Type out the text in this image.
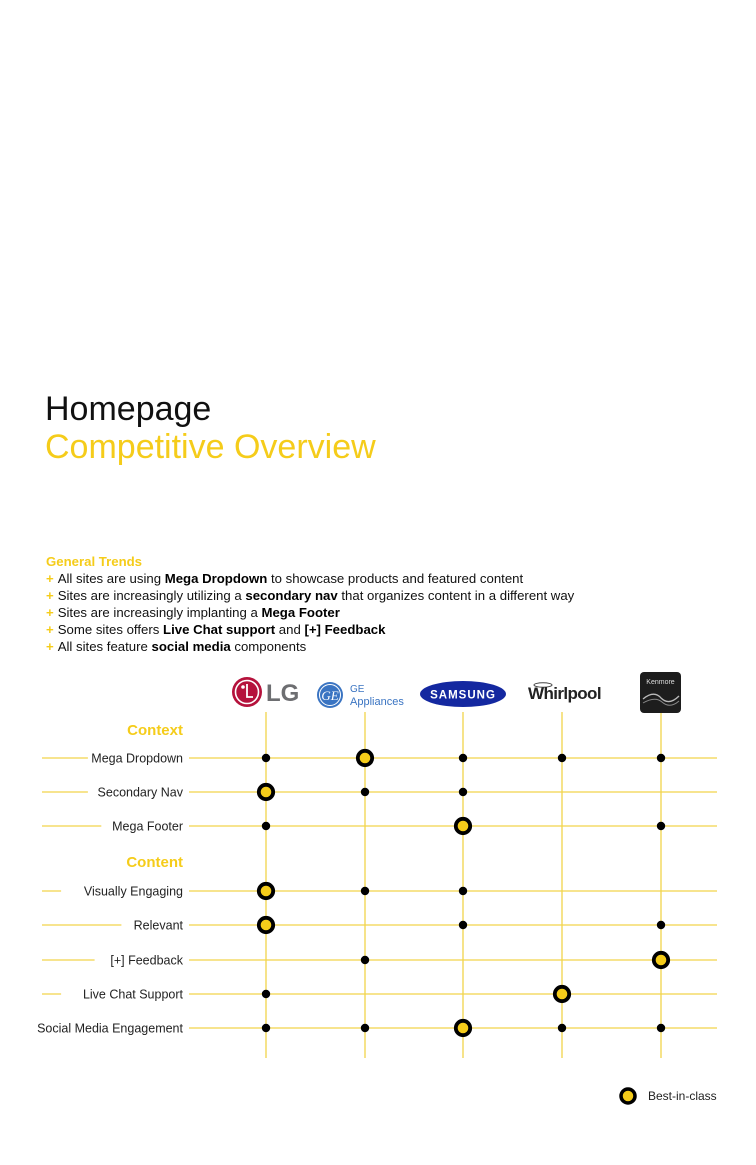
Homepage
Competitive Overview
General Trends
+ All sites are using Mega Dropdown to showcase products and featured content
+ Sites are increasingly utilizing a secondary nav that organizes content in a different way
+ Sites are increasingly implanting a Mega Footer
+ Some sites offers Live Chat support and [+] Feedback
+ All sites feature social media components
Context
Mega Dropdown
Secondary Nav
Mega Footer
Content
Visually Engaging
Relevant
[+] Feedback
Live Chat Support
Social Media Engagement
LG GE GE
Appliances
SAMSUNG Whirlpool
Kenmore
Best-in-class
